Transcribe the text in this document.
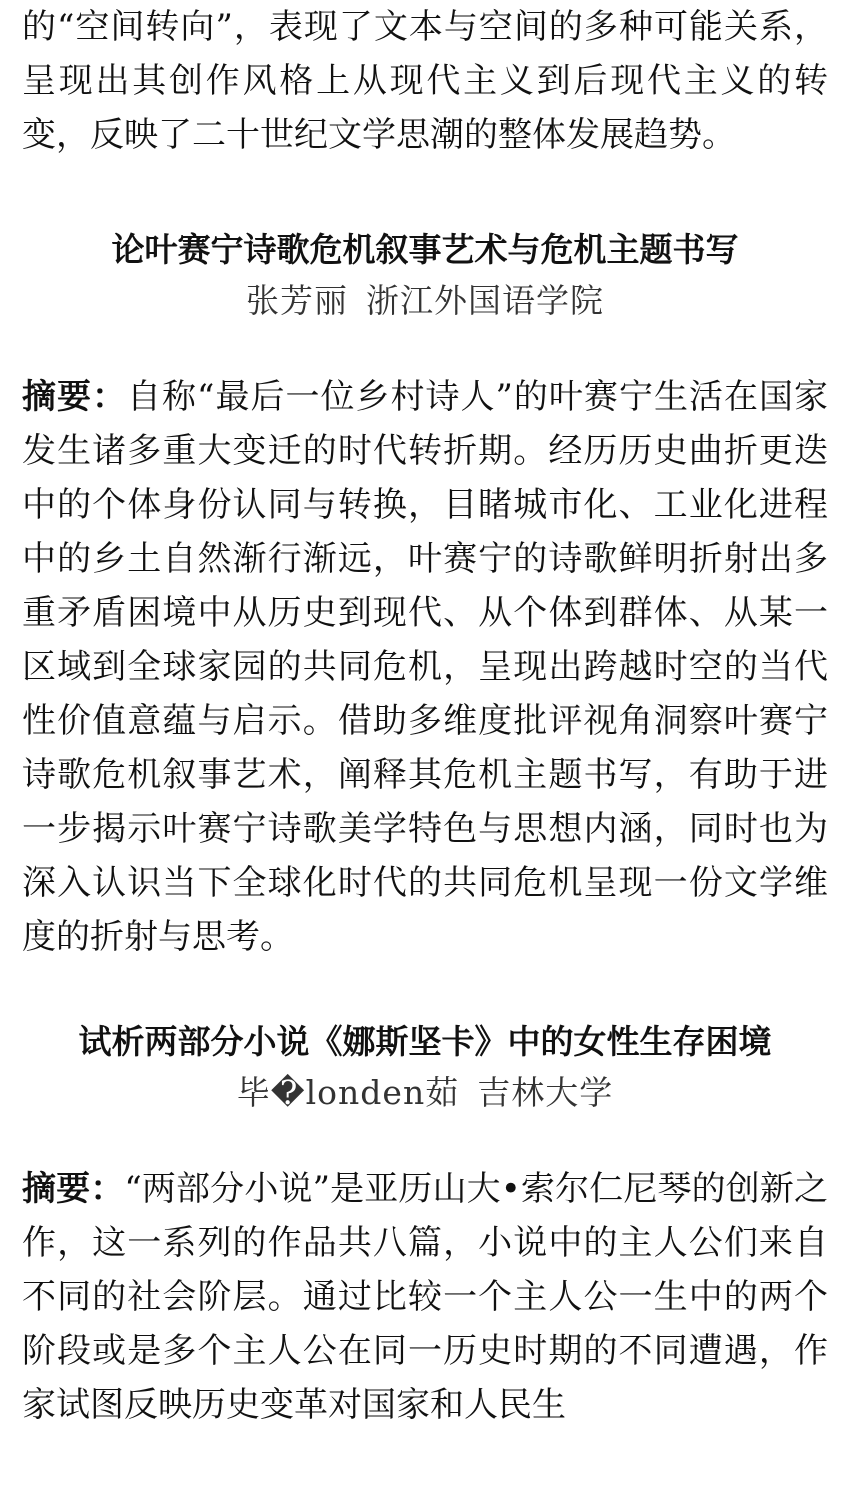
的“空间转向”，表现了文本与空间的多种可能关系，呈现出其创作风格上从现代主义到后现代主义的转变，反映了二十世纪文学思潮的整体发展趋势。

论叶赛宁诗歌危机叙事艺术与危机主题书写

张芳丽 浙江外国语学院

摘要：自称“最后一位乡村诗人”的叶赛宁生活在国家发生诸多重大变迁的时代转折期。经历历史曲折更迭中的个体身份认同与转换，目睹城市化、工业化进程中的乡土自然渐行渐远，叶赛宁的诗歌鲜明折射出多重矛盾困境中从历史到现代、从个体到群体、从某一区域到全球家园的共同危机，呈现出跨越时空的当代性价值意蕴与启示。借助多维度批评视角洞察叶赛宁诗歌危机叙事艺术，阐释其危机主题书写，有助于进一步揭示叶赛宁诗歌美学特色与思想内涵，同时也为深入认识当下全球化时代的共同危机呈现一份文学维度的折射与思考。

试析两部分小说《娜斯坚卡》中的女性生存困境

毕�londen茹 吉林大学

摘要：“两部分小说”是亚历山大•索尔仁尼琴的创新之作，这一系列的作品共八篇，小说中的主人公们来自不同的社会阶层。通过比较一个主人公一生中的两个阶段或是多个主人公在同一历史时期的不同遭遇，作家试图反映历史变革对国家和人民生
